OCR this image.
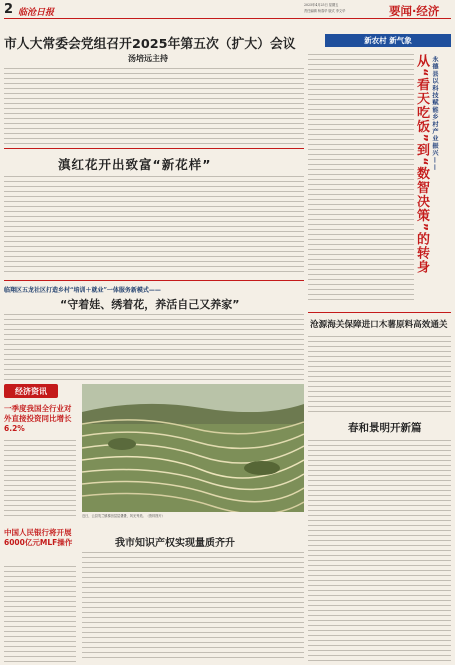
2 临沧日报
2025年4月25日 星期五
责任编辑 杨春华 版式 李文华	要闻·经济
市人大常委会党组召开2025年第五次（扩大）会议
汤培远主持
滇红花开出致富“新花样”
临翔区五龙社区打造乡村“培训＋就业”一体服务新模式——
“守着娃、绣着花，养活自己又养家”
经济资讯
一季度我国全行业对外直接投资同比增长6.2%
中国人民银行将开展6000亿元MLF操作
近日，云县茂兰镇梯田层层叠叠，风光秀美。（资料图片）
我市知识产权实现量质齐升
新农村 新气象
永德县以科技赋能乡村产业振兴——
从“看天吃饭”到“数智决策”的转身
沧源海关保障进口木薯原料高效通关
春和景明开新篇
